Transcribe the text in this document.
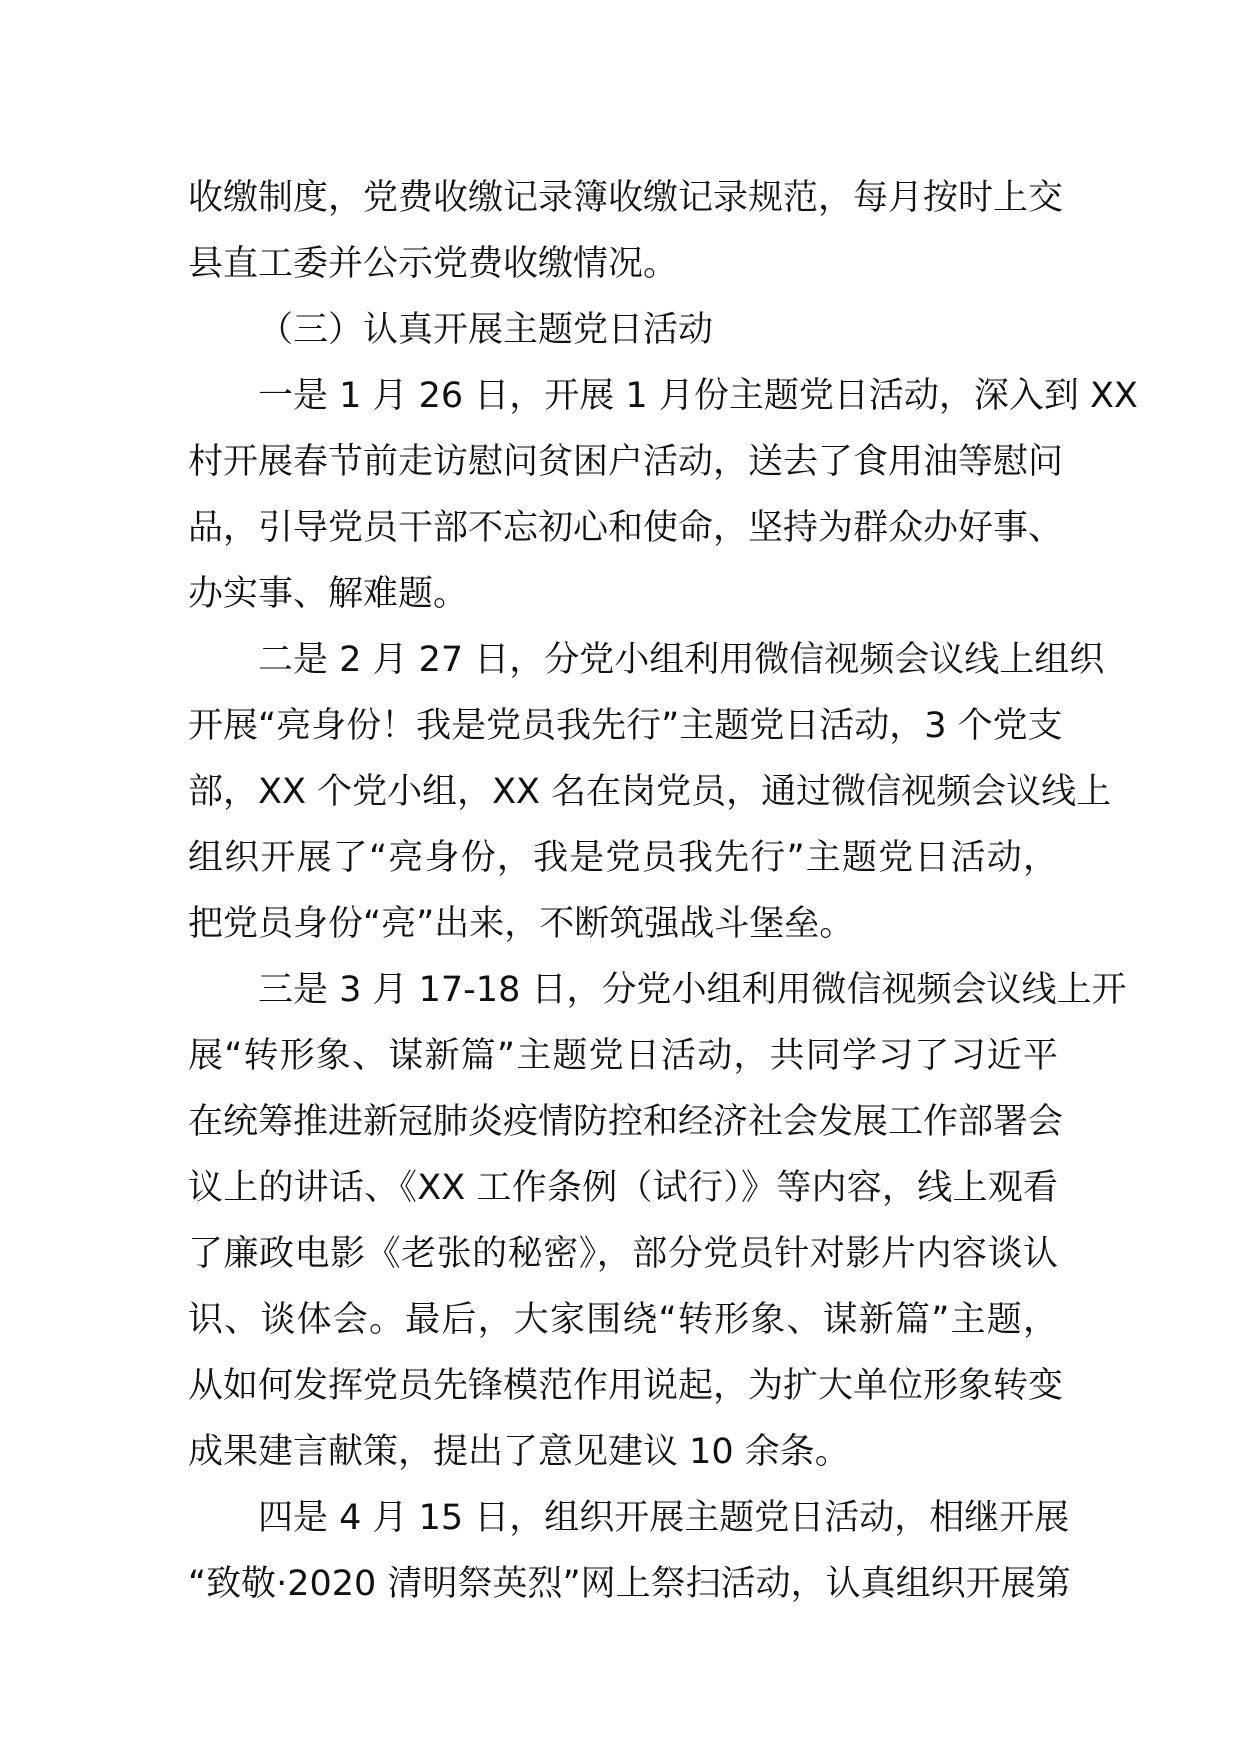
收缴制度，党费收缴记录簿收缴记录规范，每月按时上交
县直工委并公示党费收缴情况。
（三）认真开展主题党日活动
一是 1 月 26 日，开展 1 月份主题党日活动，深入到 XX
村开展春节前走访慰问贫困户活动，送去了食用油等慰问
品，引导党员干部不忘初心和使命，坚持为群众办好事、
办实事、解难题。
二是 2 月 27 日，分党小组利用微信视频会议线上组织
开展“亮身份！我是党员我先行”主题党日活动，3 个党支
部，XX 个党小组，XX 名在岗党员，通过微信视频会议线上
组织开展了“亮身份，我是党员我先行”主题党日活动，
把党员身份“亮”出来，不断筑强战斗堡垒。
三是 3 月 17-18 日，分党小组利用微信视频会议线上开
展“转形象、谋新篇”主题党日活动，共同学习了习近平
在统筹推进新冠肺炎疫情防控和经济社会发展工作部署会
议上的讲话、《XX 工作条例（试行）》等内容，线上观看
了廉政电影《老张的秘密》，部分党员针对影片内容谈认
识、谈体会。最后，大家围绕“转形象、谋新篇”主题，
从如何发挥党员先锋模范作用说起，为扩大单位形象转变
成果建言献策，提出了意见建议 10 余条。
四是 4 月 15 日，组织开展主题党日活动，相继开展
“致敬·2020 清明祭英烈”网上祭扫活动，认真组织开展第
